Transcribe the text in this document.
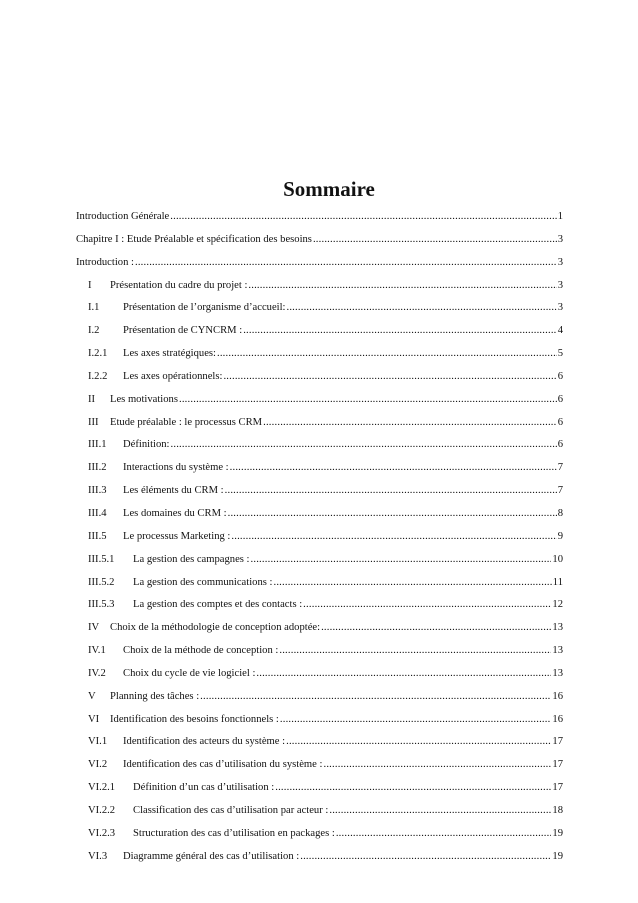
Sommaire
Introduction Générale .....	1
Chapitre I : Etude Préalable et spécification des besoins .....	3
Introduction : .....	3
I	Présentation du cadre du projet : .....	3
I.1	Présentation de l’organisme d’accueil: .....	3
I.2	Présentation de CYNCRM : .....	4
I.2.1	Les axes stratégiques: .....	5
I.2.2	Les axes opérationnels: .....	6
II	Les motivations .....	6
III	Etude préalable : le processus CRM .....	6
III.1	Définition: .....	6
III.2	Interactions du système : .....	7
III.3	Les éléments du CRM : .....	7
III.4	Les domaines du CRM : .....	8
III.5	Le processus Marketing : .....	9
III.5.1	La gestion des campagnes : .....	10
III.5.2	La gestion des communications : .....	11
III.5.3	La gestion des comptes et des contacts : .....	12
IV	Choix de la méthodologie de conception adoptée: .....	13
IV.1	Choix de la méthode de conception : .....	13
IV.2	Choix du cycle de vie logiciel : .....	13
V	Planning des tâches : .....	16
VI	Identification des besoins fonctionnels : .....	16
VI.1	Identification des acteurs du système : .....	17
VI.2	Identification des cas d’utilisation du système : .....	17
VI.2.1	Définition d’un cas d’utilisation : .....	17
VI.2.2	Classification des cas d’utilisation par acteur : .....	18
VI.2.3	Structuration des cas d’utilisation en packages : .....	19
VI.3	Diagramme général des cas d’utilisation : .....	19
